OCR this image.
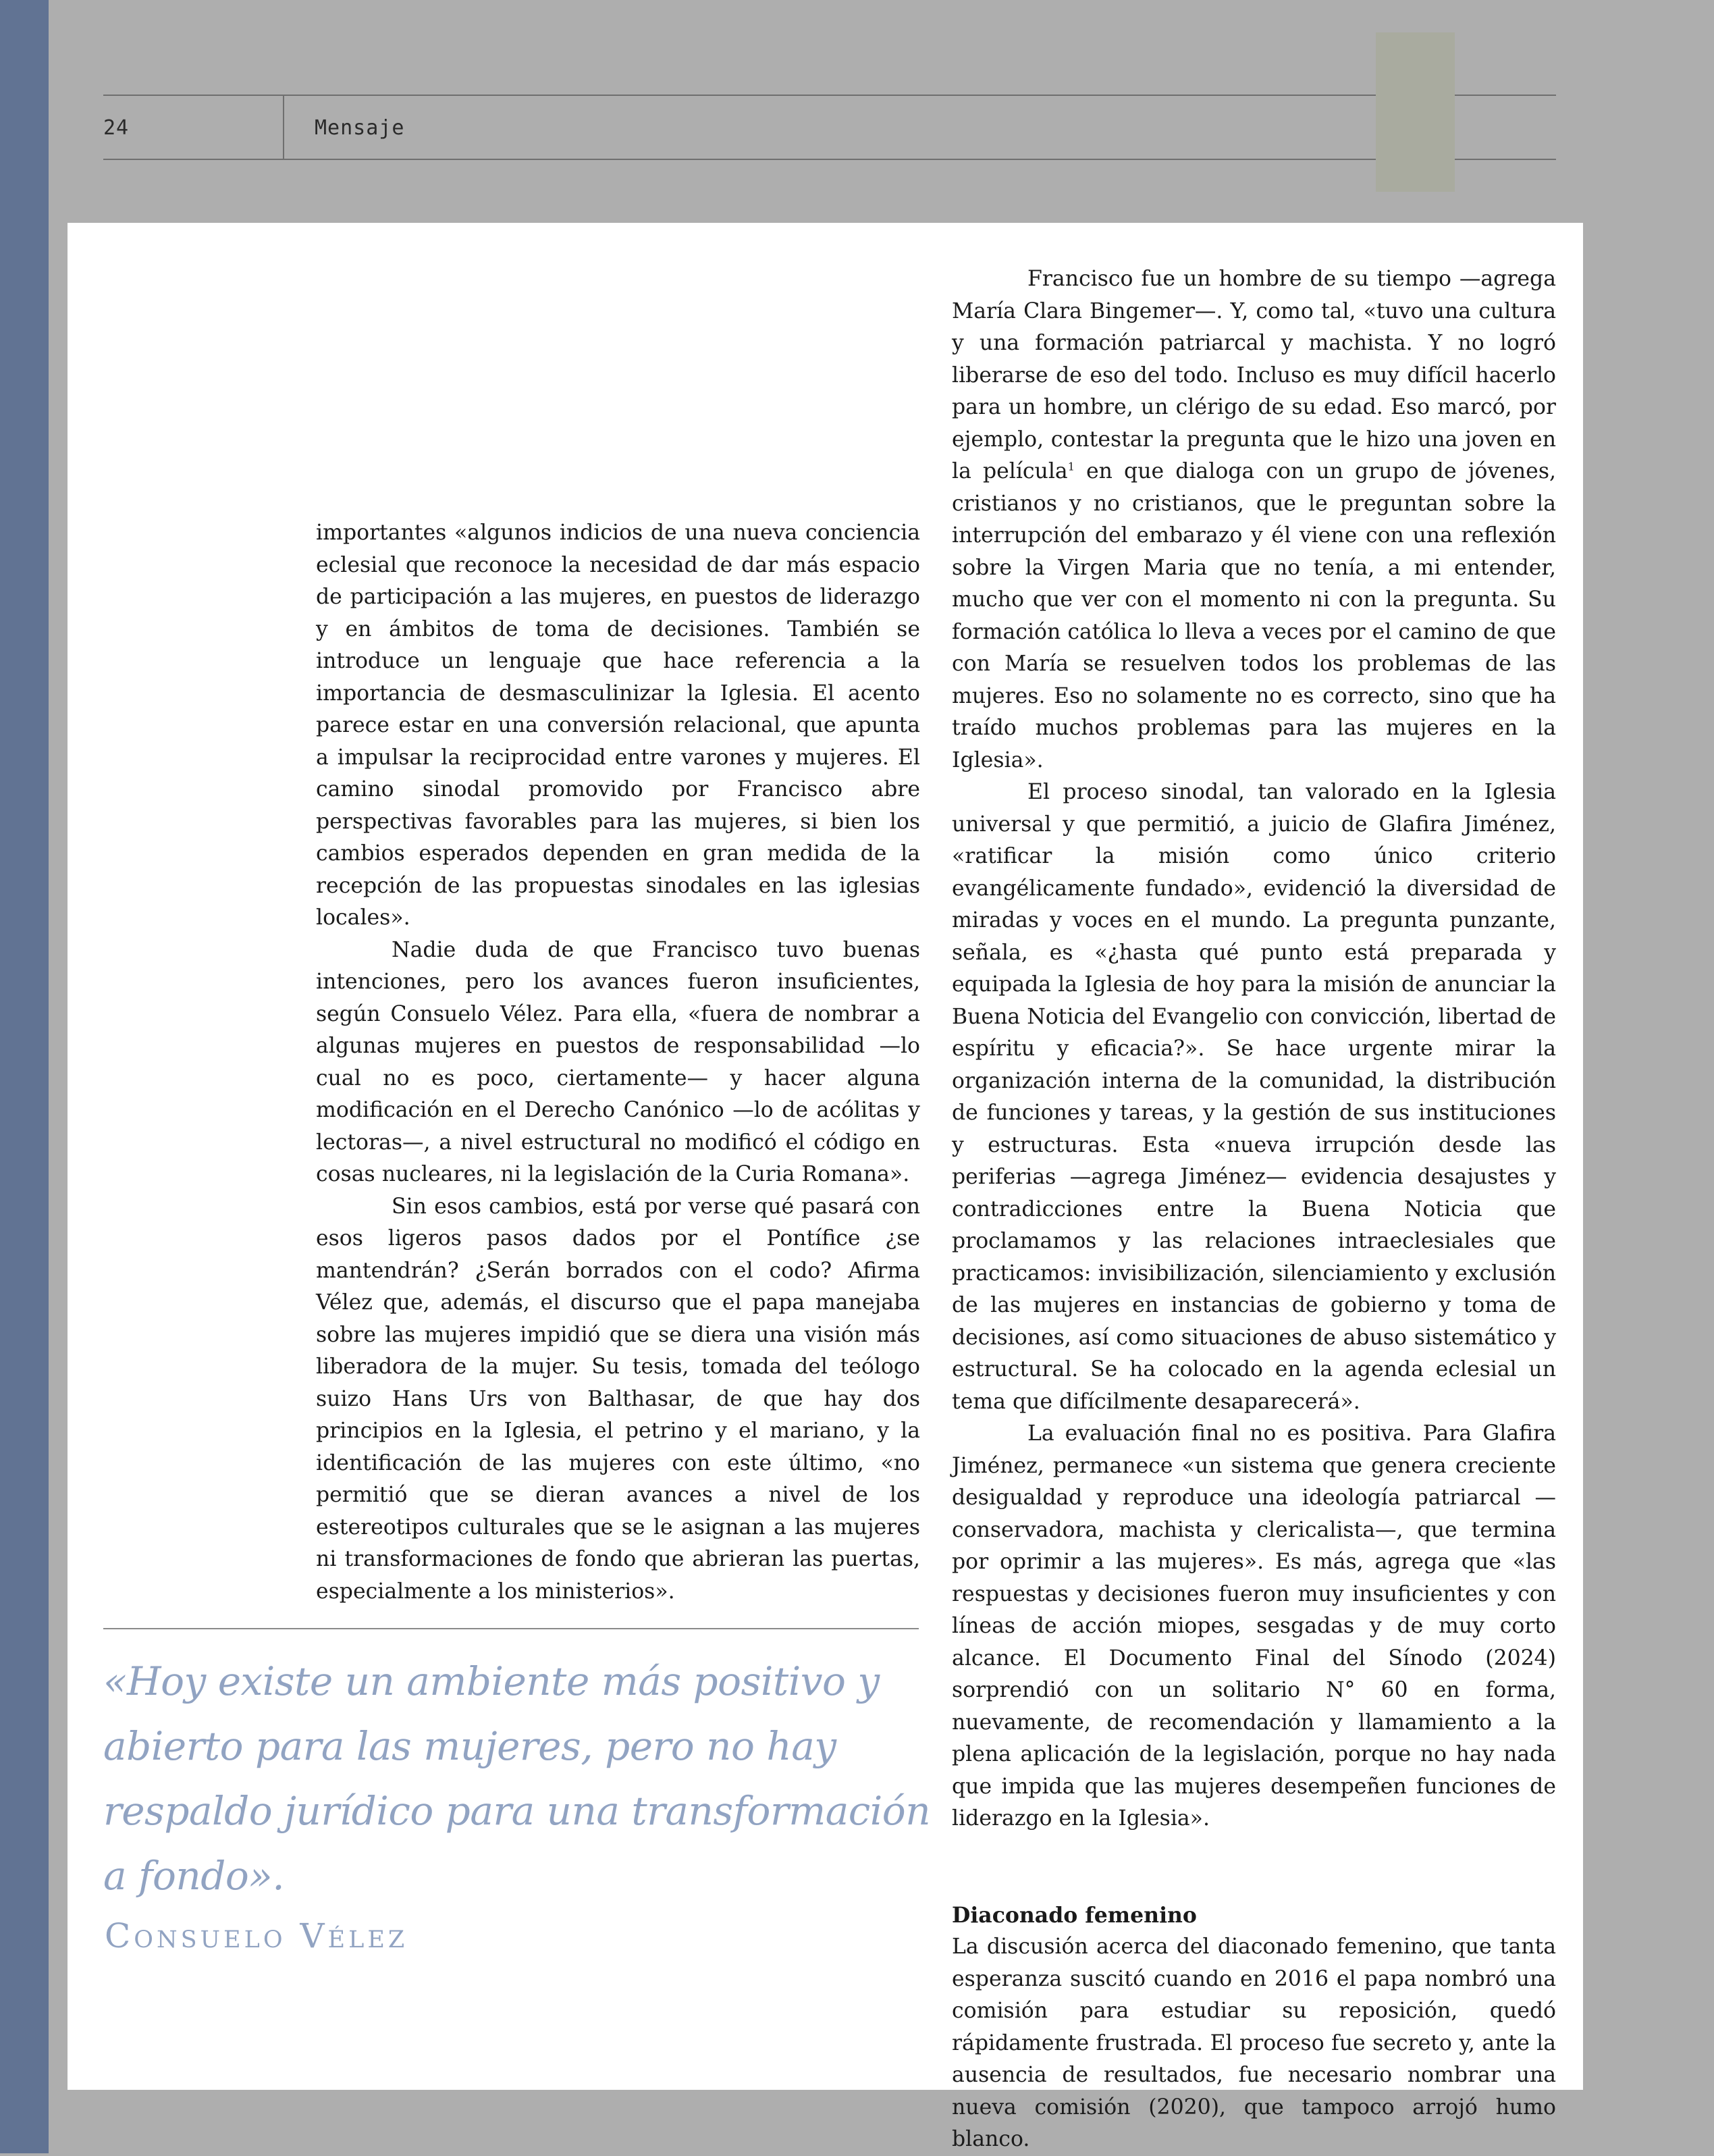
24	Mensaje

importantes «algunos indicios de una nueva conciencia eclesial que reconoce la necesidad de dar más espacio de participación a las mujeres, en puestos de liderazgo y en ámbitos de toma de decisiones. También se introduce un lenguaje que hace referencia a la importancia de desmasculinizar la Iglesia. El acento parece estar en una conversión relacional, que apunta a impulsar la reciprocidad entre varones y mujeres. El camino sinodal promovido por Francisco abre perspectivas favorables para las mujeres, si bien los cambios esperados dependen en gran medida de la recepción de las propuestas sinodales en las iglesias locales».

Nadie duda de que Francisco tuvo buenas intenciones, pero los avances fueron insuficientes, según Consuelo Vélez. Para ella, «fuera de nombrar a algunas mujeres en puestos de responsabilidad —lo cual no es poco, ciertamente— y hacer alguna modificación en el Derecho Canónico —lo de acólitas y lectoras—, a nivel estructural no modificó el código en cosas nucleares, ni la legislación de la Curia Romana».

Sin esos cambios, está por verse qué pasará con esos ligeros pasos dados por el Pontífice ¿se mantendrán? ¿Serán borrados con el codo? Afirma Vélez que, además, el discurso que el papa manejaba sobre las mujeres impidió que se diera una visión más liberadora de la mujer. Su tesis, tomada del teólogo suizo Hans Urs von Balthasar, de que hay dos principios en la Iglesia, el petrino y el mariano, y la identificación de las mujeres con este último, «no permitió que se dieran avances a nivel de los estereotipos culturales que se le asignan a las mujeres ni transformaciones de fondo que abrieran las puertas, especialmente a los ministerios».

«Hoy existe un ambiente más positivo y abierto para las mujeres, pero no hay respaldo jurídico para una transformación a fondo».
Consuelo Vélez

Francisco fue un hombre de su tiempo —agrega María Clara Bingemer—. Y, como tal, «tuvo una cultura y una formación patriarcal y machista. Y no logró liberarse de eso del todo. Incluso es muy difícil hacerlo para un hombre, un clérigo de su edad. Eso marcó, por ejemplo, contestar la pregunta que le hizo una joven en la película$^1$ en que dialoga con un grupo de jóvenes, cristianos y no cristianos, que le preguntan sobre la interrupción del embarazo y él viene con una reflexión sobre la Virgen Maria que no tenía, a mi entender, mucho que ver con el momento ni con la pregunta. Su formación católica lo lleva a veces por el camino de que con María se resuelven todos los problemas de las mujeres. Eso no solamente no es correcto, sino que ha traído muchos problemas para las mujeres en la Iglesia».

El proceso sinodal, tan valorado en la Iglesia universal y que permitió, a juicio de Glafira Jiménez, «ratificar la misión como único criterio evangélicamente fundado», evidenció la diversidad de miradas y voces en el mundo. La pregunta punzante, señala, es «¿hasta qué punto está preparada y equipada la Iglesia de hoy para la misión de anunciar la Buena Noticia del Evangelio con convicción, libertad de espíritu y eficacia?». Se hace urgente mirar la organización interna de la comunidad, la distribución de funciones y tareas, y la gestión de sus instituciones y estructuras. Esta «nueva irrupción desde las periferias —agrega Jiménez— evidencia desajustes y contradicciones entre la Buena Noticia que proclamamos y las relaciones intraeclesiales que practicamos: invisibilización, silenciamiento y exclusión de las mujeres en instancias de gobierno y toma de decisiones, así como situaciones de abuso sistemático y estructural. Se ha colocado en la agenda eclesial un tema que difícilmente desaparecerá».

La evaluación final no es positiva. Para Glafira Jiménez, permanece «un sistema que genera creciente desigualdad y reproduce una ideología patriarcal —conservadora, machista y clericalista—, que termina por oprimir a las mujeres». Es más, agrega que «las respuestas y decisiones fueron muy insuficientes y con líneas de acción miopes, sesgadas y de muy corto alcance. El Documento Final del Sínodo (2024) sorprendió con un solitario N° 60 en forma, nuevamente, de recomendación y llamamiento a la plena aplicación de la legislación, porque no hay nada que impida que las mujeres desempeñen funciones de liderazgo en la Iglesia».

Diaconado femenino

La discusión acerca del diaconado femenino, que tanta esperanza suscitó cuando en 2016 el papa nombró una comisión para estudiar su reposición, quedó rápidamente frustrada. El proceso fue secreto y, ante la ausencia de resultados, fue necesario nombrar una nueva comisión (2020), que tampoco arrojó humo blanco.
